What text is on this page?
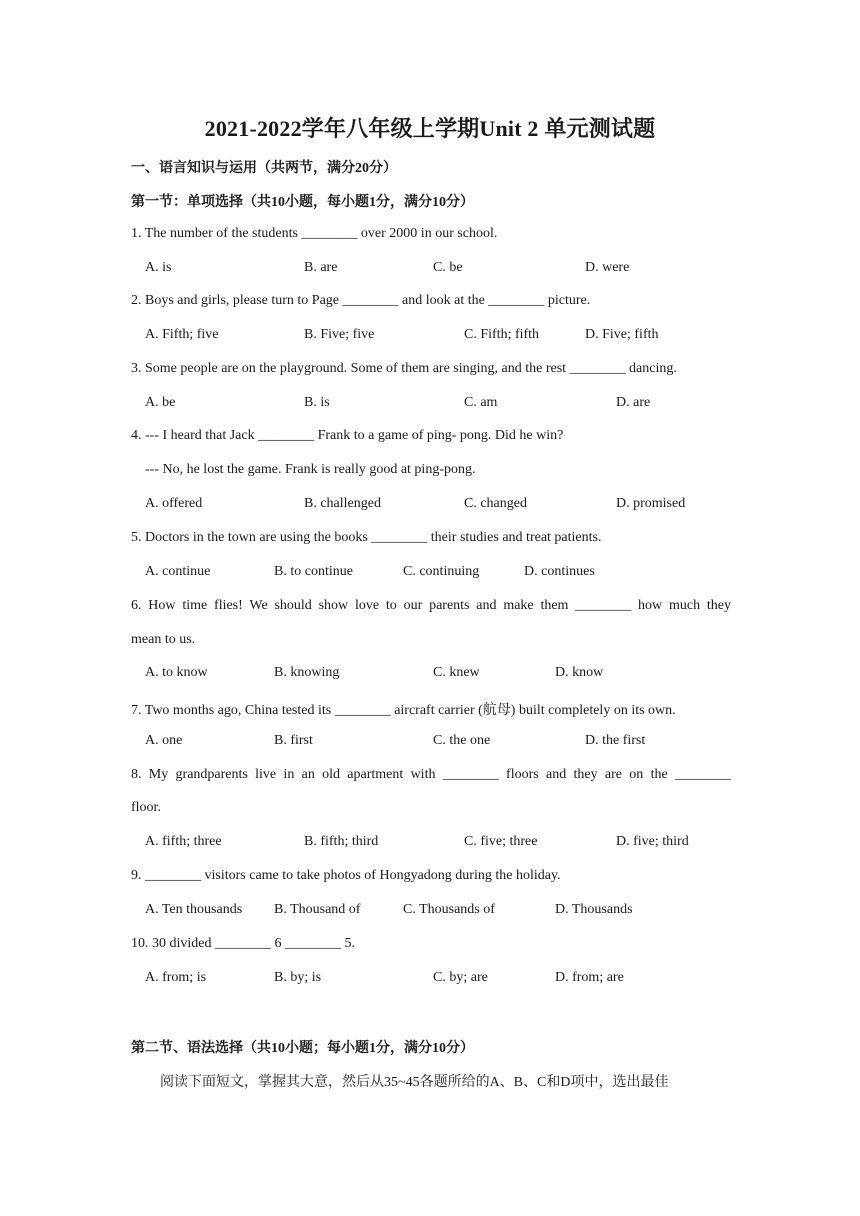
2021-2022学年八年级上学期Unit 2 单元测试题
一、语言知识与运用（共两节，满分20分）
第一节：单项选择（共10小题，每小题1分，满分10分）
1. The number of the students ________ over 2000 in our school.
A. is	B. are	C. be	D. were
2. Boys and girls, please turn to Page ________ and look at the ________ picture.
A. Fifth; five	B. Five; five	C. Fifth; fifth	D. Five; fifth
3. Some people are on the playground. Some of them are singing, and the rest ________ dancing.
A. be	B. is	C. am	D. are
4. --- I heard that Jack ________ Frank to a game of ping- pong. Did he win?
--- No, he lost the game. Frank is really good at ping-pong.
A. offered	B. challenged	C. changed	D. promised
5. Doctors in the town are using the books ________ their studies and treat patients.
A. continue	B. to continue	C. continuing	D. continues
6. How time flies! We should show love to our parents and make them ________ how much they
mean to us.
A. to know	B. knowing	C. knew	D. know
7. Two months ago, China tested its ________ aircraft carrier (航母) built completely on its own.
A. one	B. first	C. the one	D. the first
8. My grandparents live in an old apartment with ________ floors and they are on the ________
floor.
A. fifth; three	B. fifth; third	C. five; three	D. five; third
9. ________ visitors came to take photos of Hongyadong during the holiday.
A. Ten thousands B. Thousand of	C. Thousands of	D. Thousands
10. 30 divided ________ 6 ________ 5.
A. from; is	B. by; is	C. by; are	D. from; are
第二节、语法选择（共10小题；每小题1分，满分10分）
阅读下面短文，掌握其大意，然后从35~45各题所给的A、B、C和D项中，选出最佳
